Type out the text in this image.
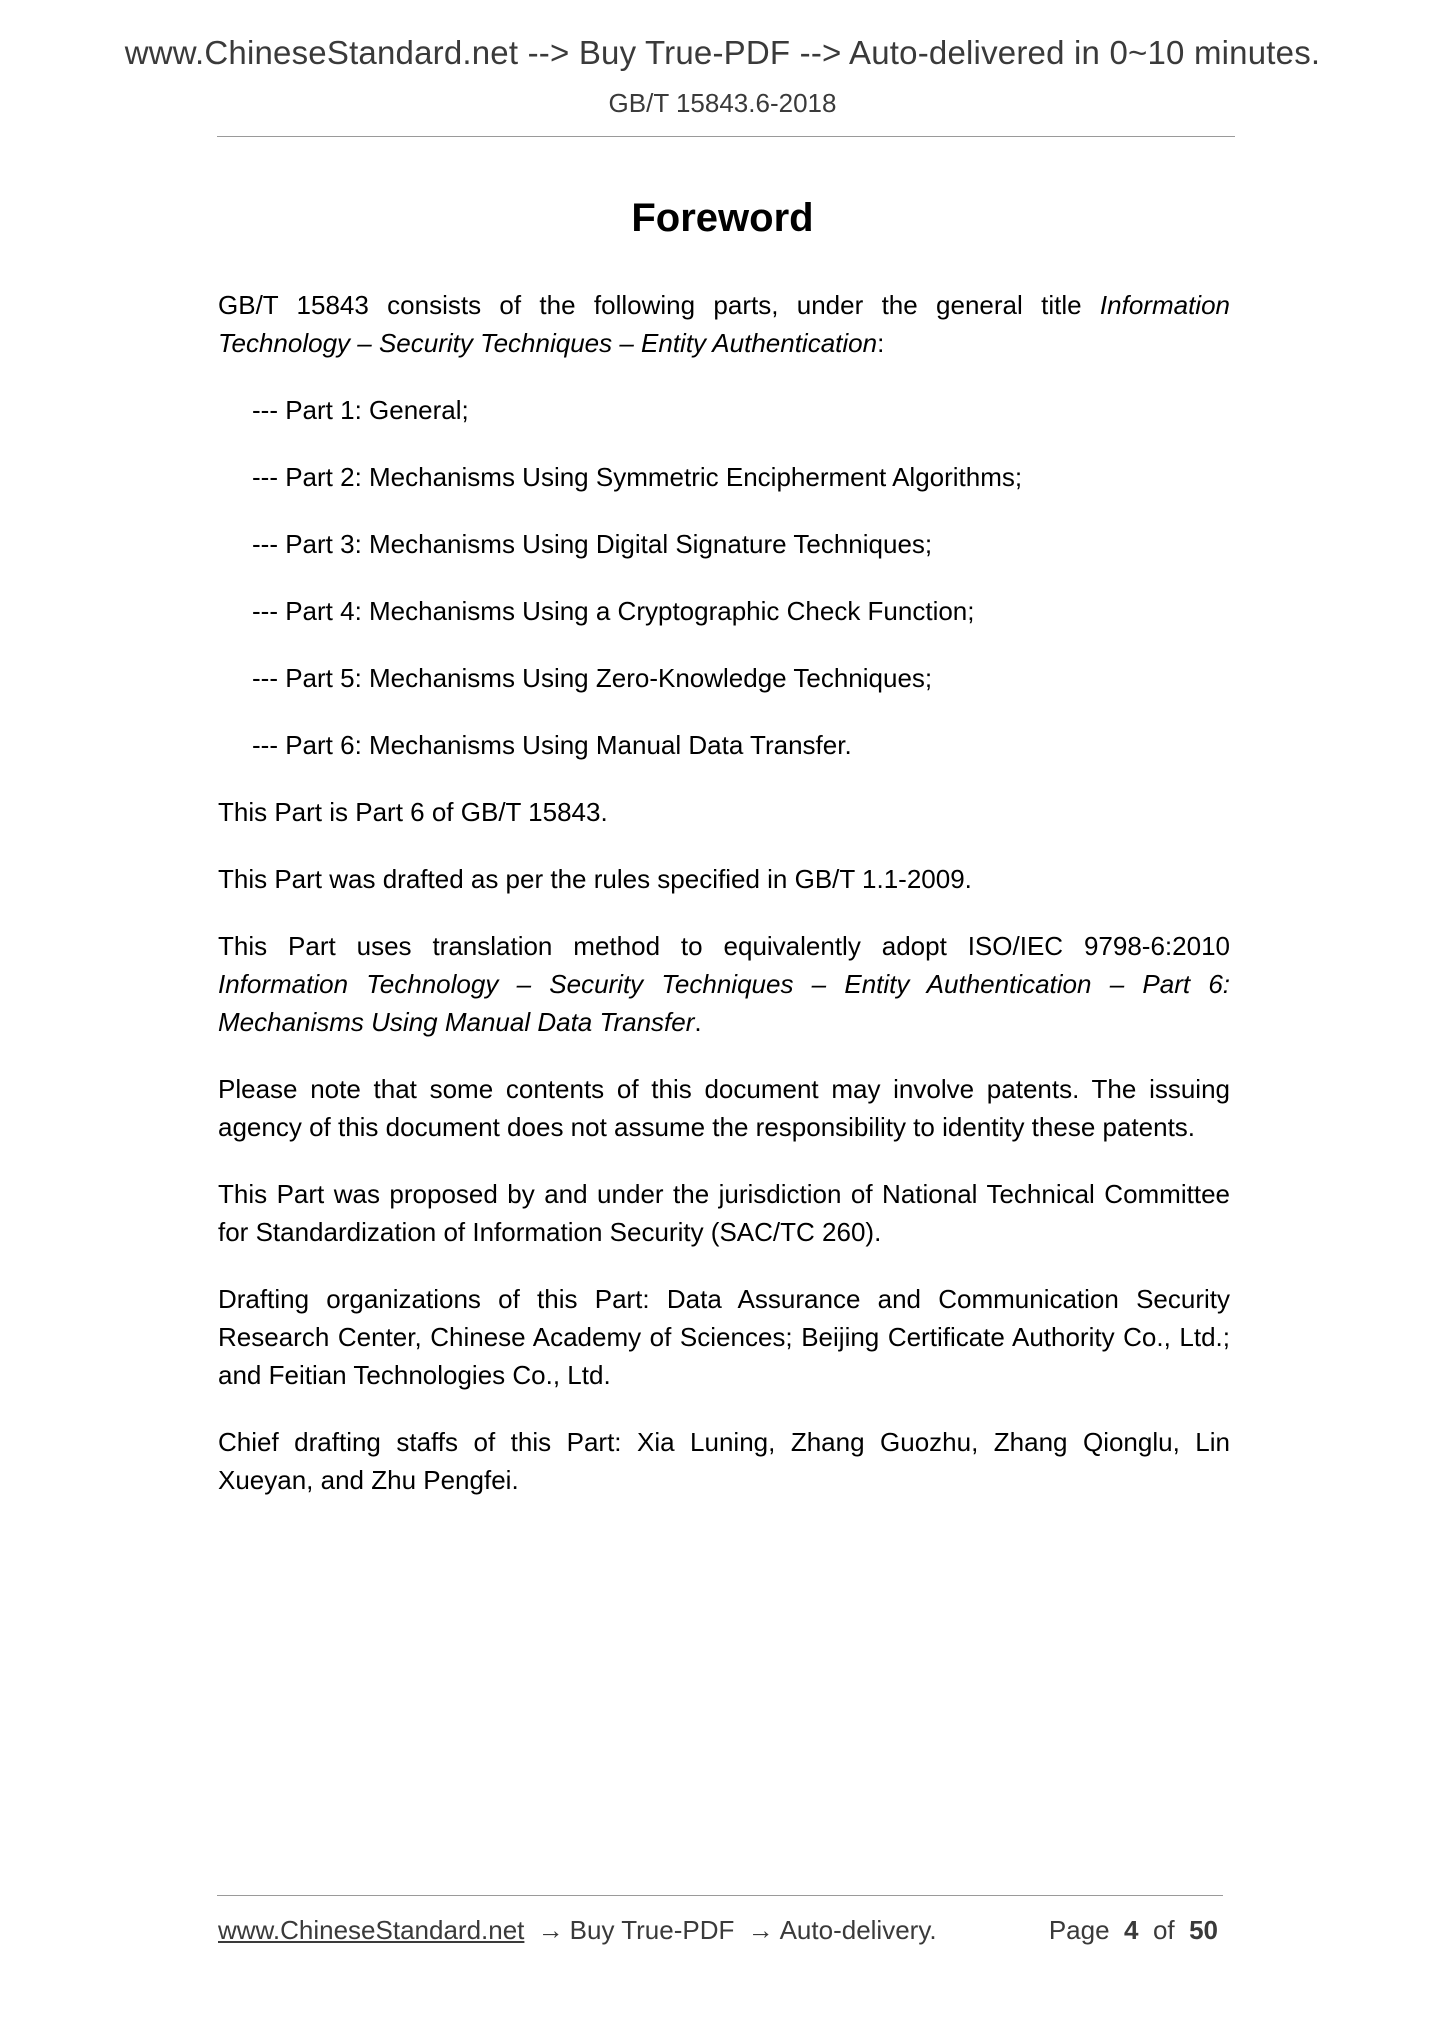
www.ChineseStandard.net --> Buy True-PDF --> Auto-delivered in 0~10 minutes.
GB/T 15843.6-2018
Foreword

GB/T 15843 consists of the following parts, under the general title Information Technology – Security Techniques – Entity Authentication:

--- Part 1: General;

--- Part 2: Mechanisms Using Symmetric Encipherment Algorithms;

--- Part 3: Mechanisms Using Digital Signature Techniques;

--- Part 4: Mechanisms Using a Cryptographic Check Function;

--- Part 5: Mechanisms Using Zero-Knowledge Techniques;

--- Part 6: Mechanisms Using Manual Data Transfer.

This Part is Part 6 of GB/T 15843.

This Part was drafted as per the rules specified in GB/T 1.1-2009.

This Part uses translation method to equivalently adopt ISO/IEC 9798-6:2010 Information Technology – Security Techniques – Entity Authentication – Part 6: Mechanisms Using Manual Data Transfer.

Please note that some contents of this document may involve patents. The issuing agency of this document does not assume the responsibility to identity these patents.

This Part was proposed by and under the jurisdiction of National Technical Committee for Standardization of Information Security (SAC/TC 260).

Drafting organizations of this Part: Data Assurance and Communication Security Research Center, Chinese Academy of Sciences; Beijing Certificate Authority Co., Ltd.; and Feitian Technologies Co., Ltd.

Chief drafting staffs of this Part: Xia Luning, Zhang Guozhu, Zhang Qionglu, Lin Xueyan, and Zhu Pengfei.

www.ChineseStandard.net → Buy True-PDF → Auto-delivery.	Page 4 of 50
